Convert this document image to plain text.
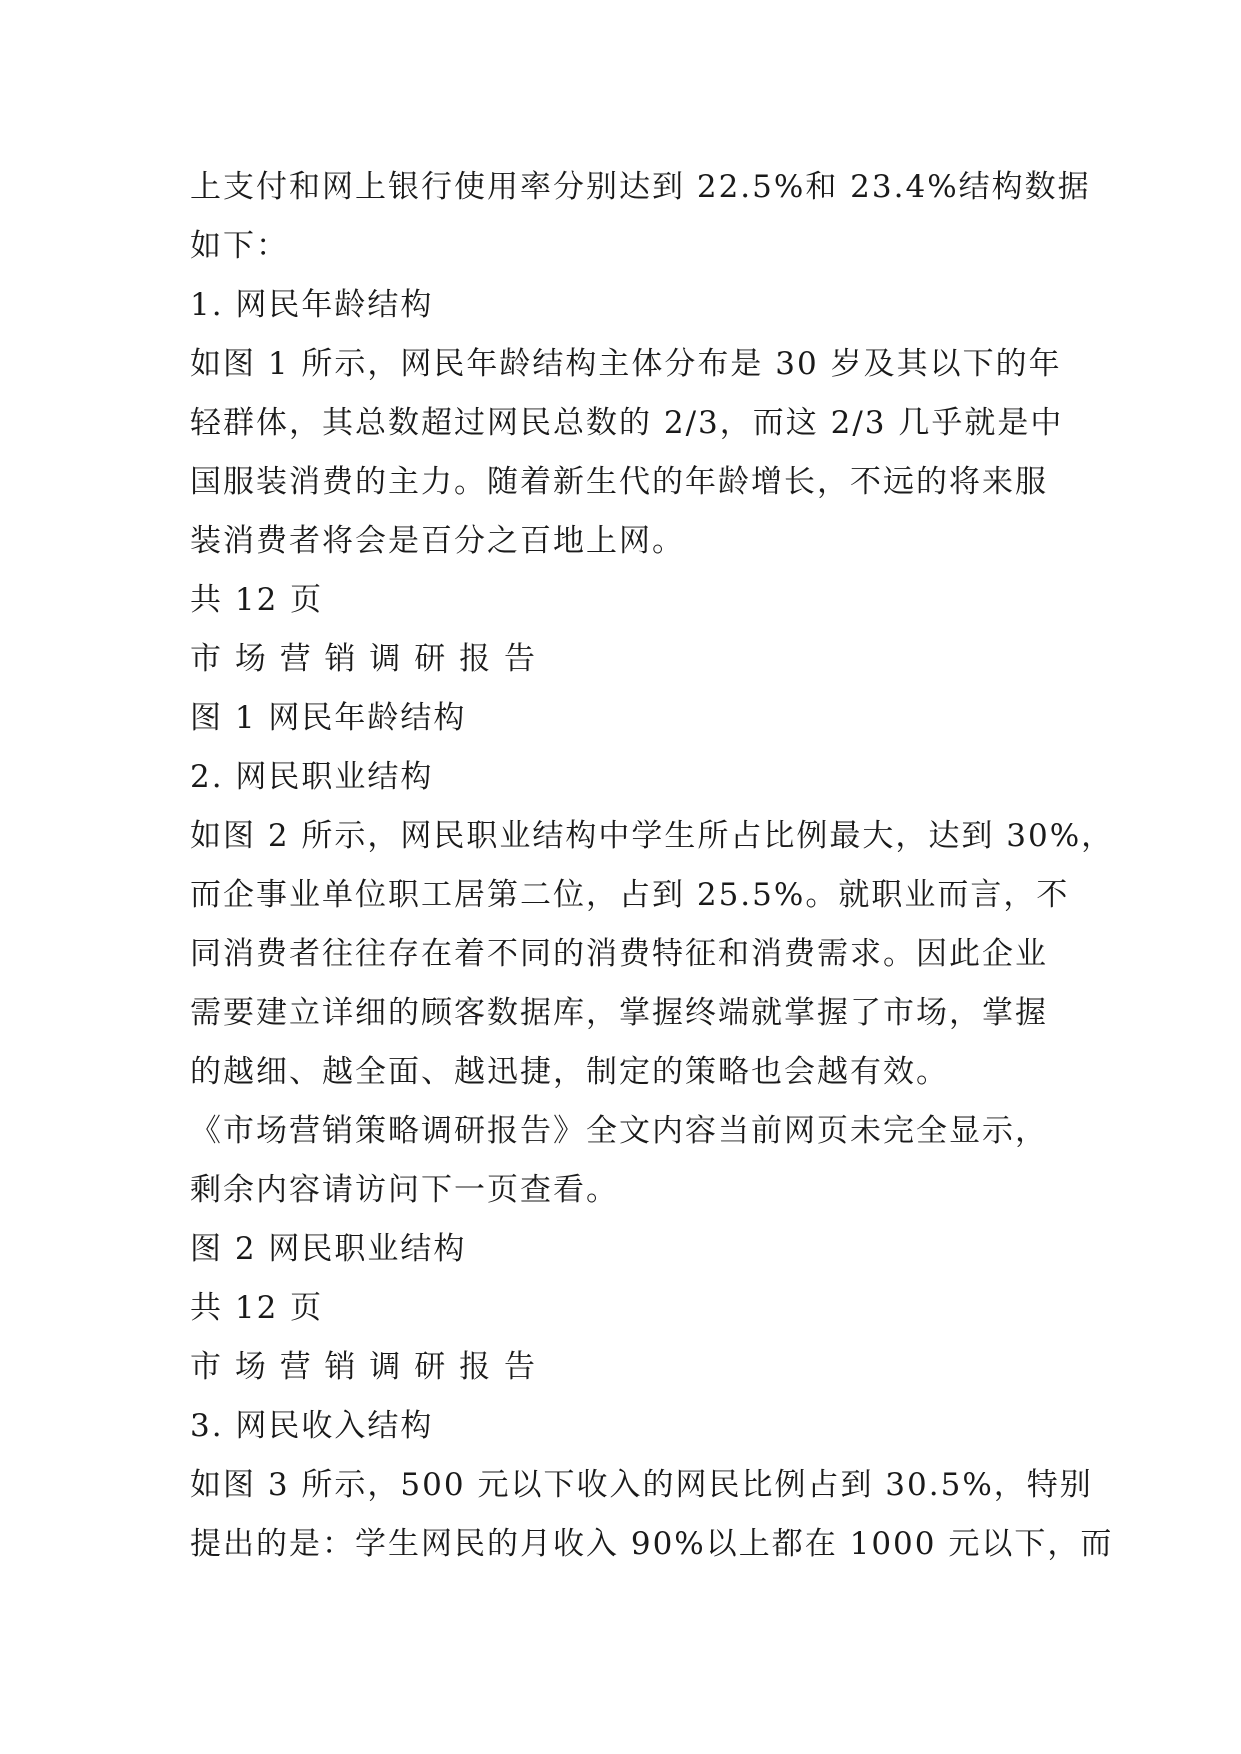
上支付和网上银行使用率分别达到 22.5%和 23.4%结构数据
如下：
1. 网民年龄结构
如图 1 所示，网民年龄结构主体分布是 30 岁及其以下的年
轻群体，其总数超过网民总数的 2/3，而这 2/3 几乎就是中
国服装消费的主力。随着新生代的年龄增长，不远的将来服
装消费者将会是百分之百地上网。
共 12 页
市 场 营 销 调 研 报 告
图 1 网民年龄结构
2. 网民职业结构
如图 2 所示，网民职业结构中学生所占比例最大，达到 30%，
而企事业单位职工居第二位，占到 25.5%。就职业而言，不
同消费者往往存在着不同的消费特征和消费需求。因此企业
需要建立详细的顾客数据库，掌握终端就掌握了市场，掌握
的越细、越全面、越迅捷，制定的策略也会越有效。
《市场营销策略调研报告》全文内容当前网页未完全显示，
剩余内容请访问下一页查看。
图 2 网民职业结构
共 12 页
市 场 营 销 调 研 报 告
3. 网民收入结构
如图 3 所示，500 元以下收入的网民比例占到 30.5%，特别
提出的是：学生网民的月收入 90%以上都在 1000 元以下，而
